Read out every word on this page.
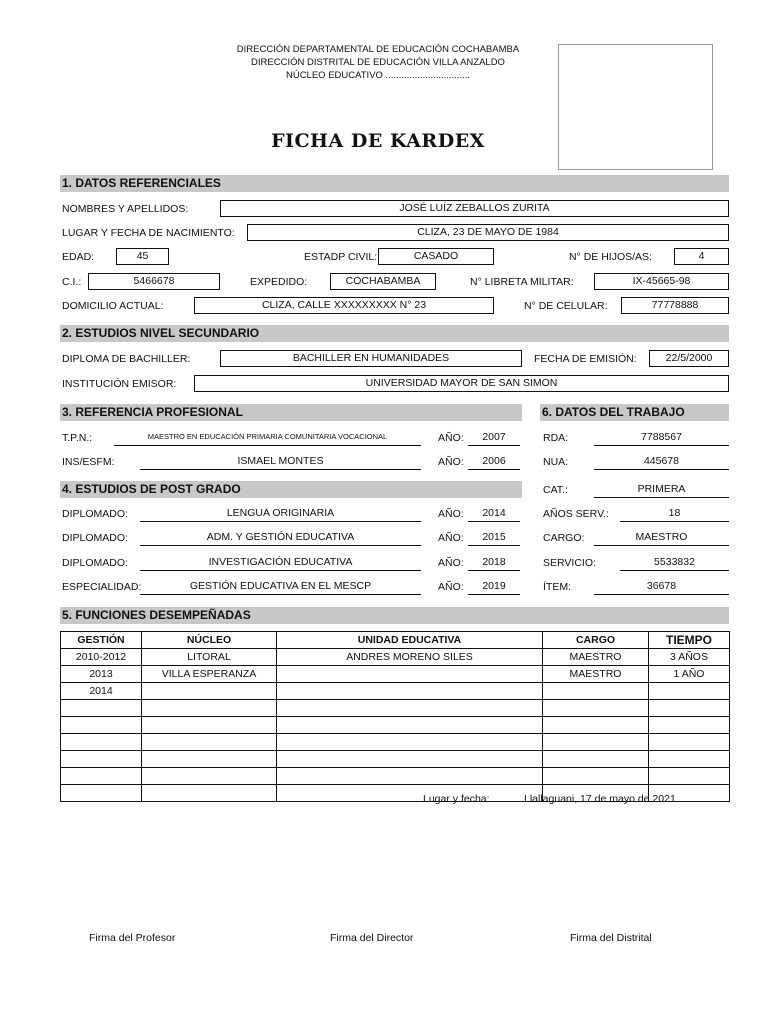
DIRECCIÓN DEPARTAMENTAL DE EDUCACIÓN COCHABAMBA
DIRECCIÓN DISTRITAL DE EDUCACIÓN VILLA ANZALDO
NÚCLEO EDUCATIVO ................................
FICHA DE KARDEX
1. DATOS REFERENCIALES
NOMBRES Y APELLIDOS:	JOSÉ LUÍZ ZEBALLOS ZURITA
LUGAR Y FECHA DE NACIMIENTO:	CLIZA, 23 DE MAYO DE 1984
EDAD:	45	ESTADP CIVIL:	CASADO	N° DE HIJOS/AS:	4
C.I.:	5466678	EXPEDIDO:	COCHABAMBA	N° LIBRETA MILITAR:	IX-45665-98
DOMICILIO ACTUAL:	CLIZA, CALLE XXXXXXXXX N° 23	N° DE CELULAR:	77778888
2. ESTUDIOS NIVEL SECUNDARIO
DIPLOMA DE BACHILLER:	BACHILLER EN HUMANIDADES	FECHA DE EMISIÓN:	22/5/2000
INSTITUCIÓN EMISOR:	UNIVERSIDAD MAYOR DE SAN SIMON
3. REFERENCIA PROFESIONAL
T.P.N.:	MAESTRO EN EDUCACIÓN PRIMARIA COMUNITARIA VOCACIONAL	AÑO:	2007
INS/ESFM:	ISMAEL MONTES	AÑO:	2006
4. ESTUDIOS DE POST GRADO
DIPLOMADO:	LENGUA ORIGINARIA	AÑO:	2014
DIPLOMADO:	ADM. Y GESTIÓN EDUCATIVA	AÑO:	2015
DIPLOMADO:	INVESTIGACIÓN EDUCATIVA	AÑO:	2018
ESPECIALIDAD:	GESTIÓN EDUCATIVA EN EL MESCP	AÑO:	2019
6. DATOS DEL TRABAJO
RDA:	7788567
NUA:	445678
CAT.:	PRIMERA
AÑOS SERV.:	18
CARGO:	MAESTRO
SERVICIO:	5533832
ÍTEM:	36678
5. FUNCIONES DESEMPEÑADAS
GESTIÓN	NÚCLEO	UNIDAD EDUCATIVA	CARGO	TIEMPO
2010-2012	LITORAL	ANDRES MORENO SILES	MAESTRO	3 AÑOS
2013	VILLA ESPERANZA		MAESTRO	1 AÑO
2014				

Lugar y fecha:	Llallaguani, 17 de mayo de 2021
Firma del Profesor	Firma del Director	Firma del Distrital
